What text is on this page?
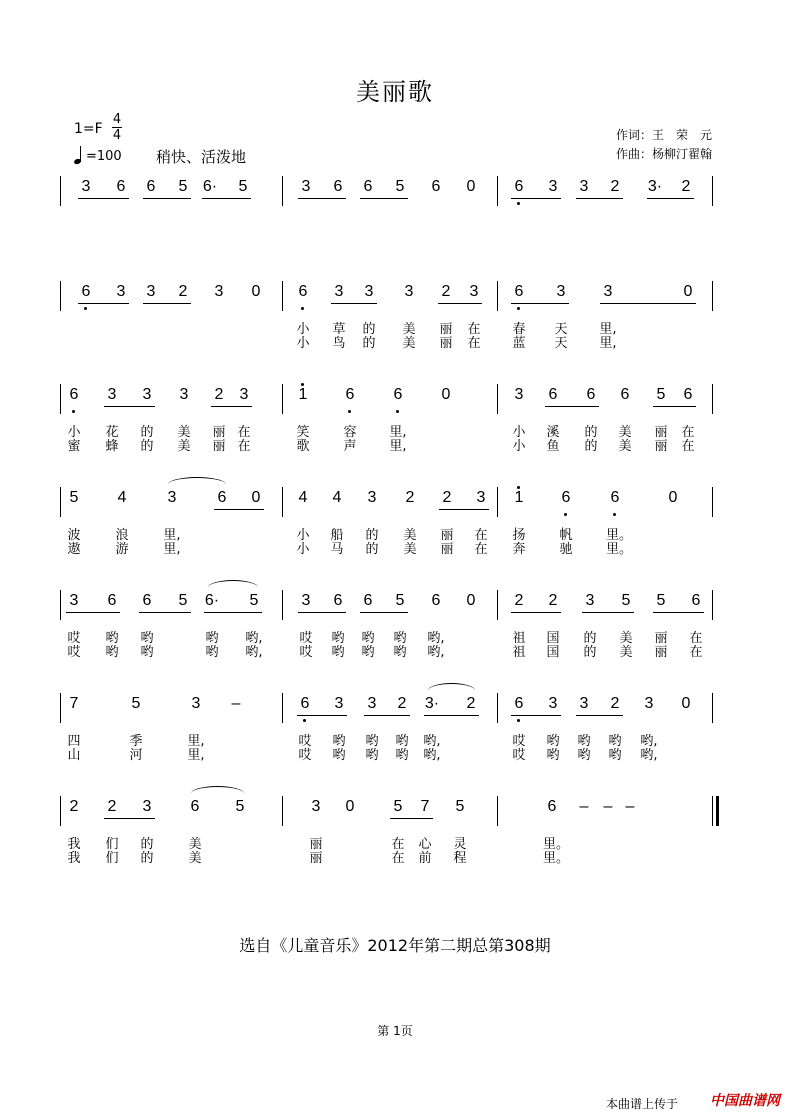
美丽歌
1=F
4
4
=100 稍快、活泼地
作词：王　荣　元
作曲：杨柳汀翟翰
3 6 6 5 6· 5	3 6 6 5 6 0 6 3 3 2 3· 2
6 3 3 2 3 0 6 3 3 3 2 3 6 3 3	0
小 草 的 美 丽 在 春 天 里,
小 鸟 的 美 丽 在 蓝 天 里,
6 3 3 3 2 3	1 6 6 0	3 6 6 6 5 6
小 花 的 美 丽 在	笑	容	里,	小 溪 的 美 丽 在
蜜 蜂 的 美 丽 在	歌	声	里,	小 鱼 的 美 丽 在
5 4	3	6 0 4 4 3 2 2 3 1 6	6	0
波	浪	里,	小 船 的 美 丽 在 扬	帆	里。
遨	游	里,	小 马 的 美 丽 在 奔	驰	里。
3 6 6 5 6· 5	3 6 6 5 6 0 2 2 3 5 5 6
哎 哟 哟	哟 哟,	哎 哟 哟 哟 哟,	祖 国 的 美 丽 在
哎 哟 哟	哟 哟,	哎 哟 哟 哟 哟,	祖 国 的 美 丽 在
7	5	3 –	6 3 3 2 3· 2 6 3 3 2 3 0
四	季	里,	哎 哟 哟 哟 哟,	哎 哟 哟 哟 哟,
山	河	里,	哎 哟 哟 哟 哟,	哎 哟 哟 哟 哟,
2 2 3 6 5	3 0 5 7 5	6 – – –
我 们 的	美	丽	在 心 灵	里。
我 们 的	美	丽	在 前 程	里。
选自《儿童音乐》2012年第二期总第308期
第 1页
本曲谱上传于 中国曲谱网
